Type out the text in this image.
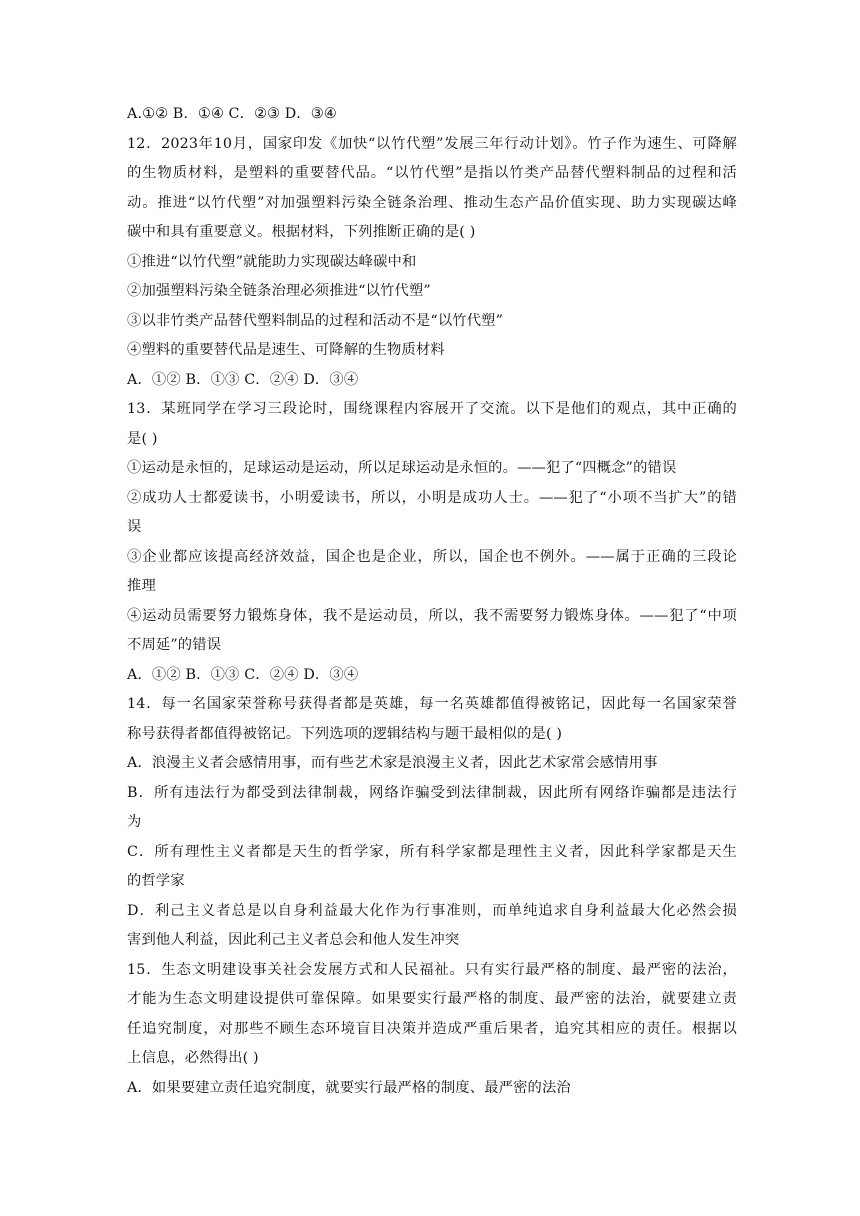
A.①② B．①④ C．②③ D．③④
12．2023年10月，国家印发《加快“以竹代塑”发展三年行动计划》。竹子作为速生、可降解
的生物质材料，是塑料的重要替代品。“以竹代塑”是指以竹类产品替代塑料制品的过程和活
动。推进“以竹代塑”对加强塑料污染全链条治理、推动生态产品价值实现、助力实现碳达峰
碳中和具有重要意义。根据材料，下列推断正确的是( )
①推进“以竹代塑”就能助力实现碳达峰碳中和
②加强塑料污染全链条治理必须推进“以竹代塑”
③以非竹类产品替代塑料制品的过程和活动不是“以竹代塑”
④塑料的重要替代品是速生、可降解的生物质材料
A．①② B．①③ C．②④ D．③④
13．某班同学在学习三段论时，围绕课程内容展开了交流。以下是他们的观点，其中正确的
是( )
①运动是永恒的，足球运动是运动，所以足球运动是永恒的。——犯了“四概念”的错误
②成功人士都爱读书，小明爱读书，所以，小明是成功人士。——犯了“小项不当扩大”的错
误
③企业都应该提高经济效益，国企也是企业，所以，国企也不例外。——属于正确的三段论
推理
④运动员需要努力锻炼身体，我不是运动员，所以，我不需要努力锻炼身体。——犯了“中项
不周延”的错误
A．①② B．①③ C．②④ D．③④
14．每一名国家荣誉称号获得者都是英雄，每一名英雄都值得被铭记，因此每一名国家荣誉
称号获得者都值得被铭记。下列选项的逻辑结构与题干最相似的是( )
A．浪漫主义者会感情用事，而有些艺术家是浪漫主义者，因此艺术家常会感情用事
B．所有违法行为都受到法律制裁，网络诈骗受到法律制裁，因此所有网络诈骗都是违法行
为
C．所有理性主义者都是天生的哲学家，所有科学家都是理性主义者，因此科学家都是天生
的哲学家
D．利己主义者总是以自身利益最大化作为行事准则，而单纯追求自身利益最大化必然会损
害到他人利益，因此利己主义者总会和他人发生冲突
15．生态文明建设事关社会发展方式和人民福祉。只有实行最严格的制度、最严密的法治，
才能为生态文明建设提供可靠保障。如果要实行最严格的制度、最严密的法治，就要建立责
任追究制度，对那些不顾生态环境盲目决策并造成严重后果者，追究其相应的责任。根据以
上信息，必然得出( )
A．如果要建立责任追究制度，就要实行最严格的制度、最严密的法治
